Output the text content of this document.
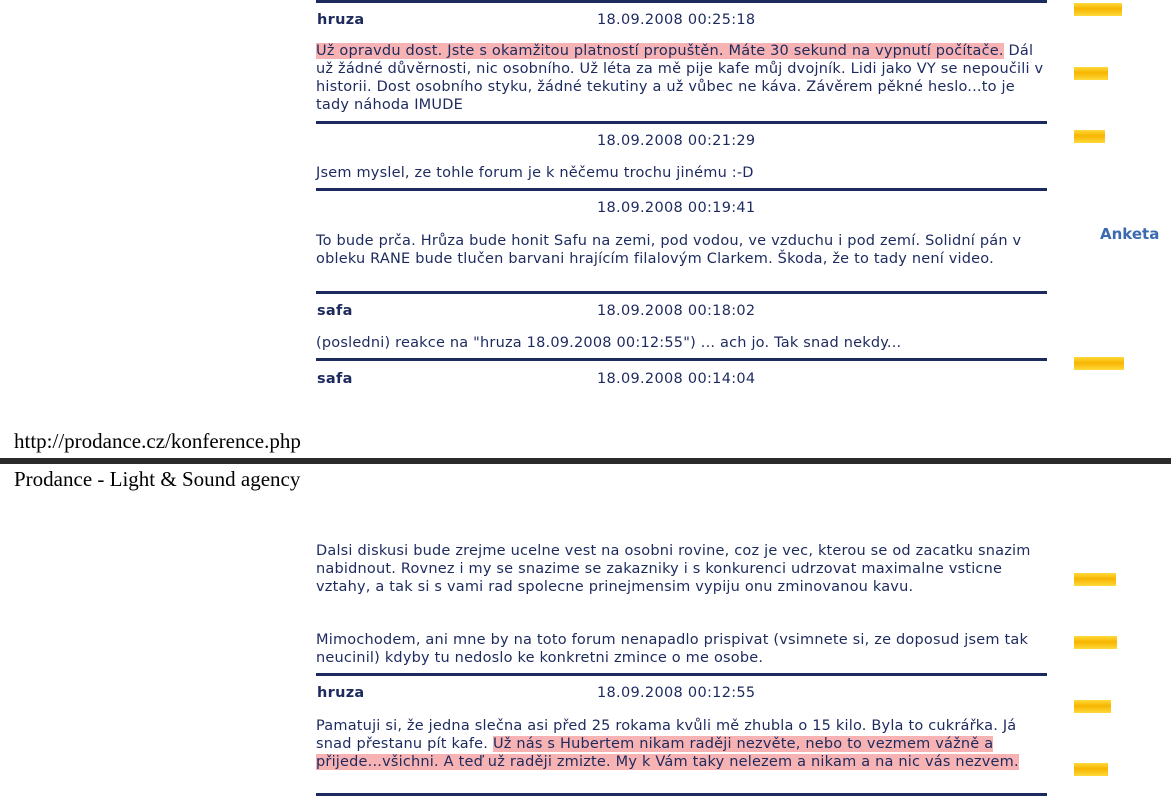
hruza	18.09.2008 00:25:18
Už opravdu dost. Jste s okamžitou platností propuštěn. Máte 30 sekund na vypnutí počítače. Dál už žádné důvěrnosti, nic osobního. Už léta za mě pije kafe můj dvojník. Lidi jako VY se nepoučili v historii. Dost osobního styku, žádné tekutiny a už vůbec ne káva. Závěrem pěkné heslo...to je tady náhoda IMUDE
18.09.2008 00:21:29
Jsem myslel, ze tohle forum je k něčemu trochu jinému :-D
18.09.2008 00:19:41
To bude prča. Hrůza bude honit Safu na zemi, pod vodou, ve vzduchu i pod zemí. Solidní pán v obleku RANE bude tlučen barvani hrajícím filalovým Clarkem. Škoda, že to tady není video.
safa	18.09.2008 00:18:02
(posledni) reakce na "hruza 18.09.2008 00:12:55") ... ach jo. Tak snad nekdy...
safa	18.09.2008 00:14:04
Anketa
http://prodance.cz/konference.php
Prodance - Light & Sound agency
Dalsi diskusi bude zrejme ucelne vest na osobni rovine, coz je vec, kterou se od zacatku snazim nabidnout. Rovnez i my se snazime se zakazniky i s konkurenci udrzovat maximalne vsticne vztahy, a tak si s vami rad spolecne prinejmensim vypiju onu zminovanou kavu.
Mimochodem, ani mne by na toto forum nenapadlo prispivat (vsimnete si, ze doposud jsem tak neucinil) kdyby tu nedoslo ke konkretni zmince o me osobe.
hruza	18.09.2008 00:12:55
Pamatuji si, že jedna slečna asi před 25 rokama kvůli mě zhubla o 15 kilo. Byla to cukrářka. Já snad přestanu pít kafe. Už nás s Hubertem nikam raději nezvěte, nebo to vezmem vážně a přijede...všichni. A teď už raději zmizte. My k Vám taky nelezem a nikam a na nic vás nezvem.
